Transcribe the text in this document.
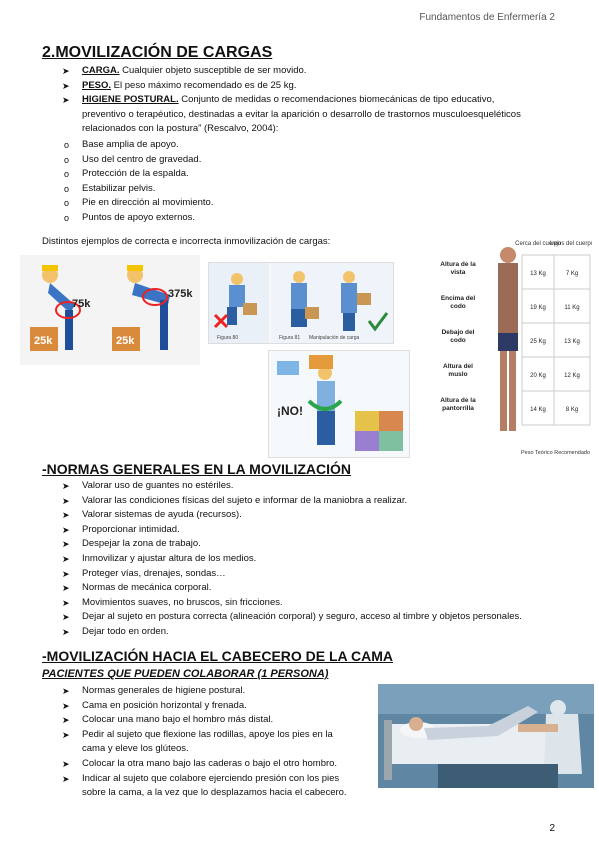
Fundamentos de Enfermería 2
2.MOVILIZACIÓN DE CARGAS
➤ CARGA. Cualquier objeto susceptible de ser movido.
➤ PESO. El peso máximo recomendado es de 25 kg.
➤ HIGIENE POSTURAL. Conjunto de medidas o recomendaciones biomecánicas de tipo educativo,
preventivo o terapéutico, destinadas a evitar la aparición o desarrollo de trastornos musculoesqueléticos
relacionados con la postura” (Rescalvo, 2004):
o Base amplia de apoyo.
o Uso del centro de gravedad.
o Protección de la espalda.
o Estabilizar pelvis.
o Pie en dirección al movimiento.
o Puntos de apoyo externos.
Distintos ejemplos de correcta e incorrecta inmovilización de cargas:
25k
75k
25k
375k
Figura 80	Figura 81 Manipulación de carga
¡NO!
Cerca del cuerpo
Lejos del cuerpo
13 Kg	7 Kg
19 Kg	11 Kg
25 Kg	13 Kg
20 Kg	12 Kg
14 Kg	8 Kg
Peso Teórico Recomendado
Altura de la vista
Encima del codo
Debajo del codo
Altura del muslo
Altura de la pantorrilla
-NORMAS GENERALES EN LA MOVILIZACIÓN
➤ Valorar uso de guantes no estériles.
➤ Valorar las condiciones físicas del sujeto e informar de la maniobra a realizar.
➤ Valorar sistemas de ayuda (recursos).
➤ Proporcionar intimidad.
➤ Despejar la zona de trabajo.
➤ Inmovilizar y ajustar altura de los medios.
➤ Proteger vías, drenajes, sondas…
➤ Normas de mecánica corporal.
➤ Movimientos suaves, no bruscos, sin fricciones.
➤ Dejar al sujeto en postura correcta (alineación corporal) y seguro, acceso al timbre y objetos personales.
➤ Dejar todo en orden.
-MOVILIZACIÓN HACIA EL CABECERO DE LA CAMA
PACIENTES QUE PUEDEN COLABORAR (1 PERSONA)
➤ Normas generales de higiene postural.
➤ Cama en posición horizontal y frenada.
➤ Colocar una mano bajo el hombro más distal.
➤ Pedir al sujeto que flexione las rodillas, apoye los pies en la
cama y eleve los glúteos.
➤ Colocar la otra mano bajo las caderas o bajo el otro hombro.
➤ Indicar al sujeto que colabore ejerciendo presión con los pies
sobre la cama, a la vez que lo desplazamos hacia el cabecero.
2
